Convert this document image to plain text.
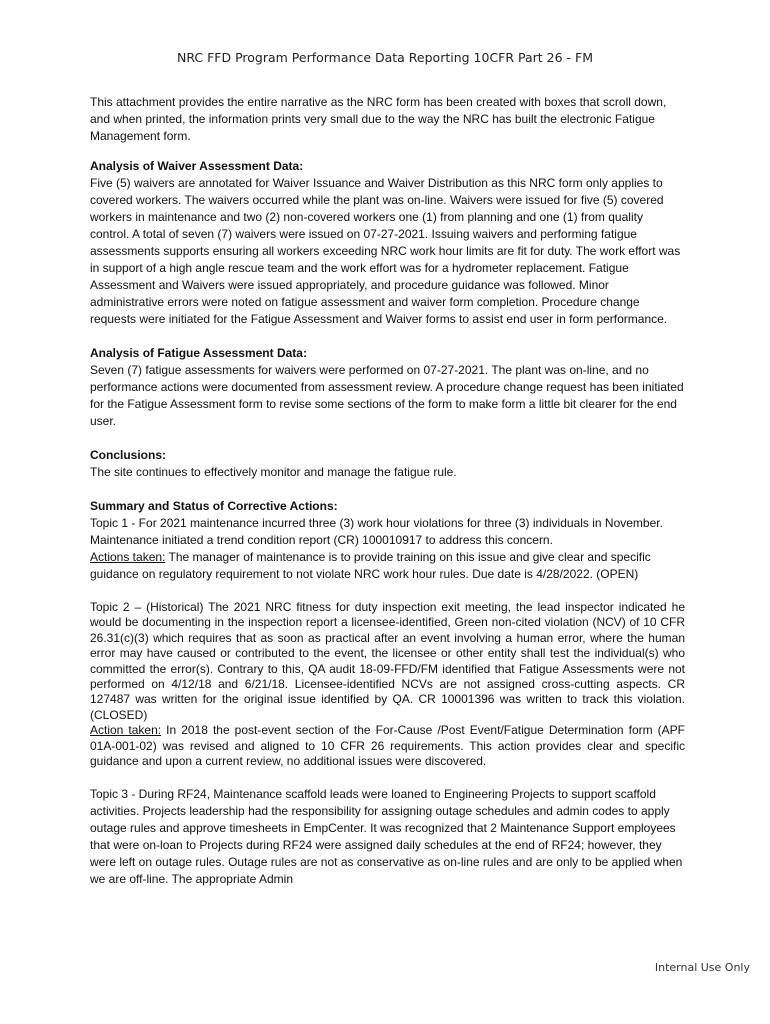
NRC FFD Program Performance Data Reporting 10CFR Part 26 - FM

This attachment provides the entire narrative as the NRC form has been created with boxes that scroll down, and when printed, the information prints very small due to the way the NRC has built the electronic Fatigue Management form.

Analysis of Waiver Assessment Data:

Five (5) waivers are annotated for Waiver Issuance and Waiver Distribution as this NRC form only applies to covered workers. The waivers occurred while the plant was on-line. Waivers were issued for five (5) covered workers in maintenance and two (2) non-covered workers one (1) from planning and one (1) from quality control. A total of seven (7) waivers were issued on 07-27-2021. Issuing waivers and performing fatigue assessments supports ensuring all workers exceeding NRC work hour limits are fit for duty. The work effort was in support of a high angle rescue team and the work effort was for a hydrometer replacement. Fatigue Assessment and Waivers were issued appropriately, and procedure guidance was followed. Minor administrative errors were noted on fatigue assessment and waiver form completion. Procedure change requests were initiated for the Fatigue Assessment and Waiver forms to assist end user in form performance.

Analysis of Fatigue Assessment Data:

Seven (7) fatigue assessments for waivers were performed on 07-27-2021. The plant was on-line, and no performance actions were documented from assessment review. A procedure change request has been initiated for the Fatigue Assessment form to revise some sections of the form to make form a little bit clearer for the end user.

Conclusions:

The site continues to effectively monitor and manage the fatigue rule.

Summary and Status of Corrective Actions:

Topic 1 - For 2021 maintenance incurred three (3) work hour violations for three (3) individuals in November. Maintenance initiated a trend condition report (CR) 100010917 to address this concern.

Actions taken: The manager of maintenance is to provide training on this issue and give clear and specific guidance on regulatory requirement to not violate NRC work hour rules. Due date is 4/28/2022. (OPEN)

Topic 2 – (Historical) The 2021 NRC fitness for duty inspection exit meeting, the lead inspector indicated he would be documenting in the inspection report a licensee-identified, Green non-cited violation (NCV) of 10 CFR 26.31(c)(3) which requires that as soon as practical after an event involving a human error, where the human error may have caused or contributed to the event, the licensee or other entity shall test the individual(s) who committed the error(s). Contrary to this, QA audit 18-09-FFD/FM identified that Fatigue Assessments were not performed on 4/12/18 and 6/21/18. Licensee-identified NCVs are not assigned cross-cutting aspects. CR 127487 was written for the original issue identified by QA. CR 10001396 was written to track this violation. (CLOSED)

Action taken: In 2018 the post-event section of the For-Cause /Post Event/Fatigue Determination form (APF 01A-001-02) was revised and aligned to 10 CFR 26 requirements. This action provides clear and specific guidance and upon a current review, no additional issues were discovered.

Topic 3 - During RF24, Maintenance scaffold leads were loaned to Engineering Projects to support scaffold activities. Projects leadership had the responsibility for assigning outage schedules and admin codes to apply outage rules and approve timesheets in EmpCenter. It was recognized that 2 Maintenance Support employees that were on-loan to Projects during RF24 were assigned daily schedules at the end of RF24; however, they were left on outage rules. Outage rules are not as conservative as on-line rules and are only to be applied when we are off-line. The appropriate Admin

Internal Use Only
